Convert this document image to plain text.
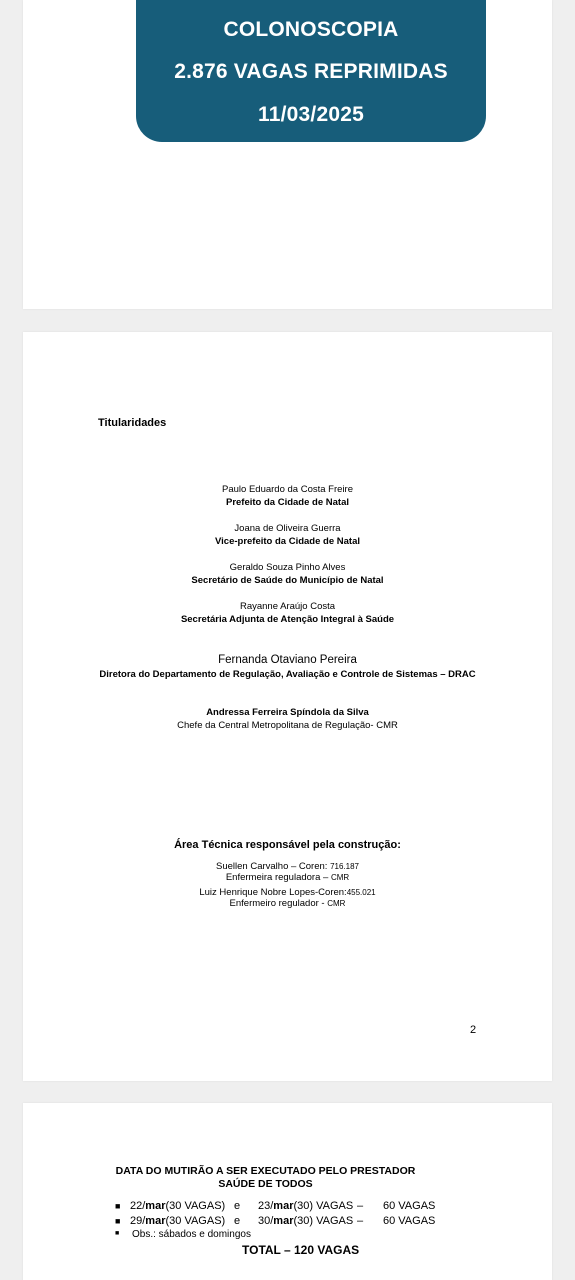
COLONOSCOPIA
2.876 VAGAS REPRIMIDAS
11/03/2025
Titularidades
Paulo Eduardo da Costa Freire
Prefeito da Cidade de Natal
Joana de Oliveira Guerra
Vice-prefeito da Cidade de Natal
Geraldo Souza Pinho Alves
Secretário de Saúde do Município de Natal
Rayanne Araújo Costa
Secretária Adjunta de Atenção Integral à Saúde
Fernanda Otaviano Pereira
Diretora do Departamento de Regulação, Avaliação e Controle de Sistemas – DRAC
Andressa Ferreira Spíndola da Silva
Chefe da Central Metropolitana de Regulação- CMR
Área Técnica responsável pela construção:
Suellen Carvalho – Coren: 716.187
Enfermeira reguladora – CMR
Luiz Henrique Nobre Lopes-Coren:455.021
Enfermeiro regulador - CMR
2
DATA DO MUTIRÃO A SER EXECUTADO PELO PRESTADOR
SAÚDE DE TODOS
■ 22/mar(30 VAGAS) e 23/mar(30) VAGAS – 60 VAGAS
■ 29/mar(30 VAGAS) e 30/mar(30) VAGAS – 60 VAGAS
■ Obs.: sábados e domingos
TOTAL – 120 VAGAS
